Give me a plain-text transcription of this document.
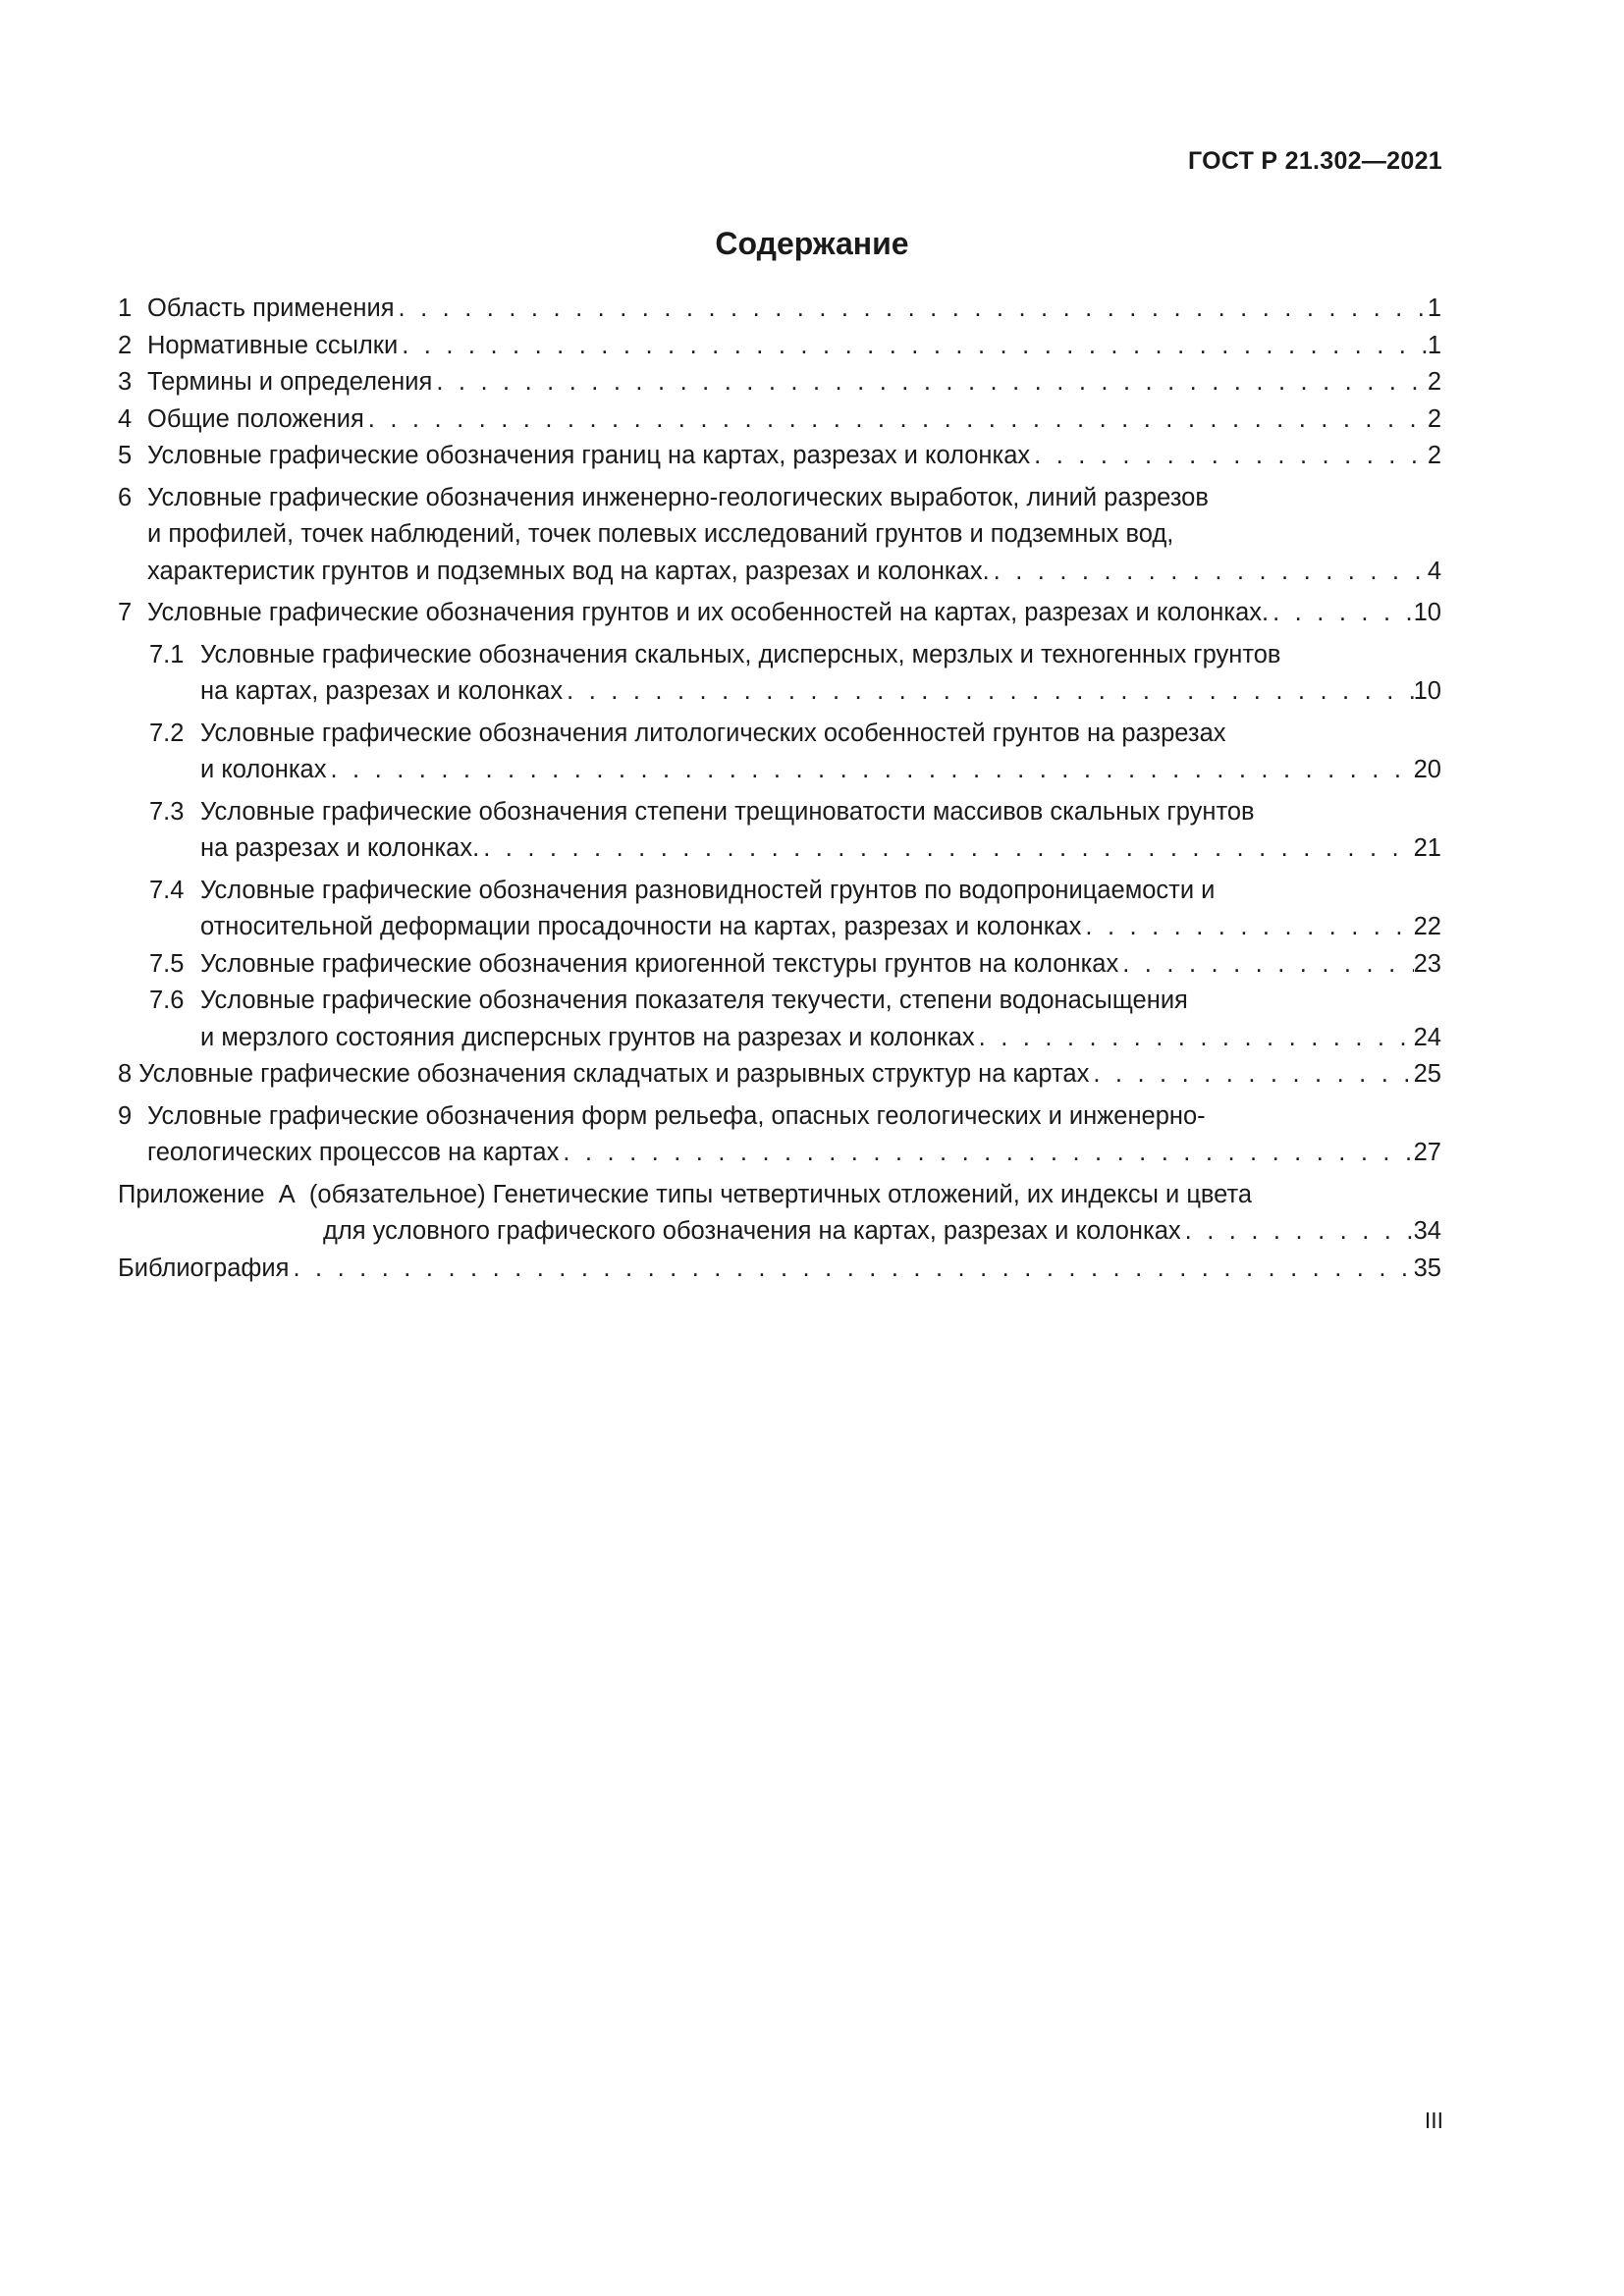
ГОСТ Р 21.302—2021
Содержание
1 Область применения . . .	1
2 Нормативные ссылки . . .	1
3 Термины и определения . . .	2
4 Общие положения . . .	2
5 Условные графические обозначения границ на картах, разрезах и колонках . . .	2
6 Условные графические обозначения инженерно-геологических выработок, линий разрезов
и профилей, точек наблюдений, точек полевых исследований грунтов и подземных вод,
характеристик грунтов и подземных вод на картах, разрезах и колонках. . . .	4
7 Условные графические обозначения грунтов и их особенностей на картах, разрезах и колонках. . . .	10
7.1 Условные графические обозначения скальных, дисперсных, мерзлых и техногенных грунтов
на картах, разрезах и колонках . . .	10
7.2 Условные графические обозначения литологических особенностей грунтов на разрезах
и колонках . . .	20
7.3 Условные графические обозначения степени трещиноватости массивов скальных грунтов
на разрезах и колонках. . . .	21
7.4 Условные графические обозначения разновидностей грунтов по водопроницаемости и
относительной деформации просадочности на картах, разрезах и колонках . . .	22
7.5 Условные графические обозначения криогенной текстуры грунтов на колонках . . .	23
7.6 Условные графические обозначения показателя текучести, степени водонасыщения
и мерзлого состояния дисперсных грунтов на разрезах и колонках . . .	24
8 Условные графические обозначения складчатых и разрывных структур на картах . . .	25
9 Условные графические обозначения форм рельефа, опасных геологических и инженерно-
геологических процессов на картах . . .	27
Приложение  А  (обязательное) Генетические типы четвертичных отложений, их индексы и цвета
для условного графического обозначения на картах, разрезах и колонках . . .	34
Библиография . . .	35
III
